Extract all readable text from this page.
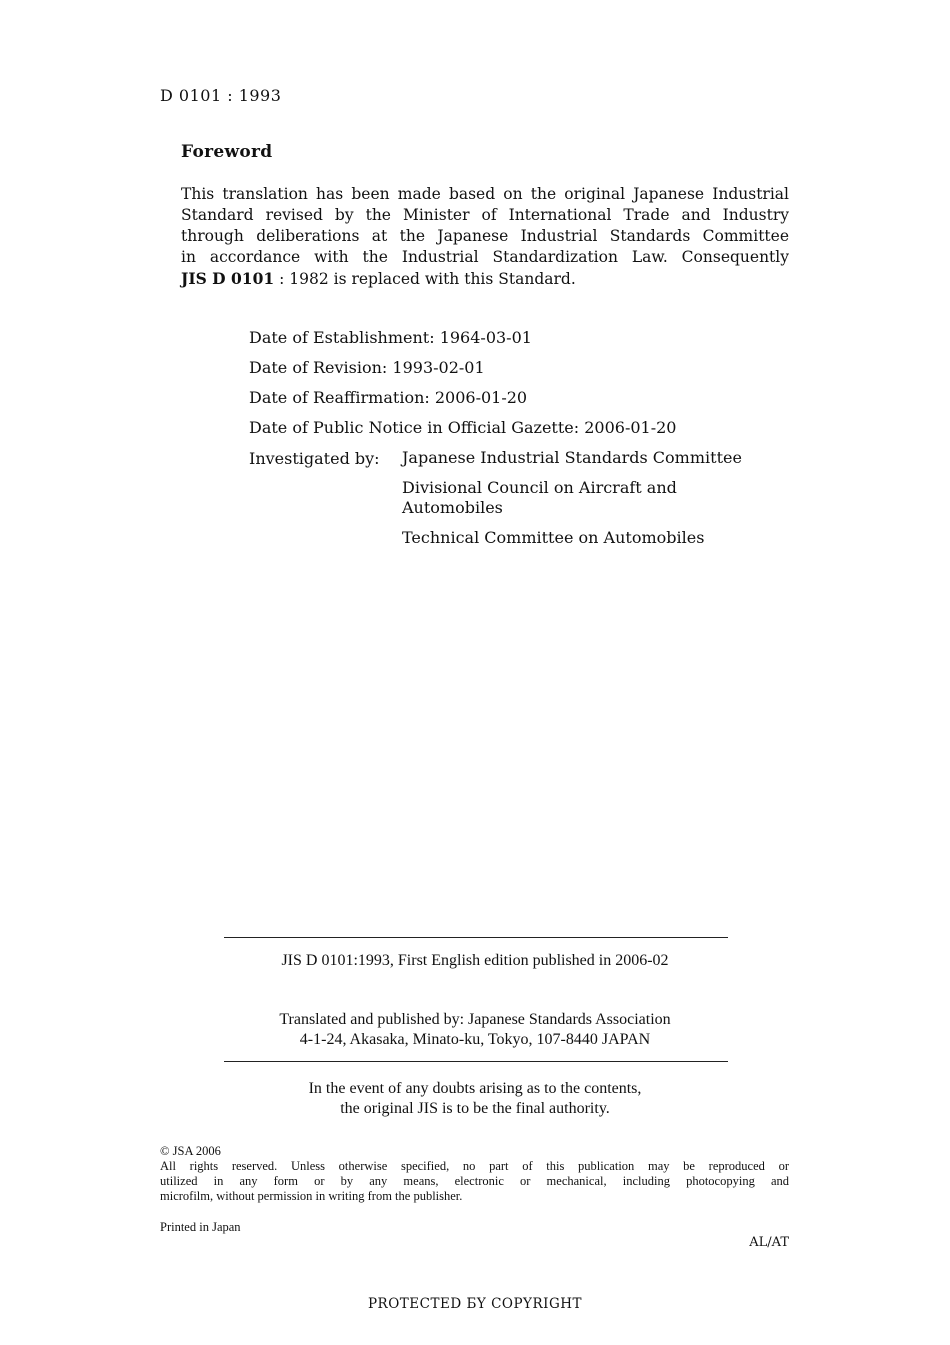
D 0101 : 1993
Foreword
This translation has been made based on the original Japanese Industrial
Standard revised by the Minister of International Trade and Industry
through deliberations at the Japanese Industrial Standards Committee
in accordance with the Industrial Standardization Law. Consequently
JIS D 0101 : 1982 is replaced with this Standard.
Date of Establishment: 1964-03-01
Date of Revision: 1993-02-01
Date of Reaffirmation: 2006-01-20
Date of Public Notice in Official Gazette: 2006-01-20
Investigated by: Japanese Industrial Standards Committee
Divisional Council on Aircraft and
Automobiles
Technical Committee on Automobiles
JIS D 0101:1993, First English edition published in 2006-02
Translated and published by: Japanese Standards Association
4-1-24, Akasaka, Minato-ku, Tokyo, 107-8440 JAPAN
In the event of any doubts arising as to the contents,
the original JIS is to be the final authority.
© JSA 2006
All rights reserved. Unless otherwise specified, no part of this publication may be reproduced or
utilized in any form or by any means, electronic or mechanical, including photocopying and
microfilm, without permission in writing from the publisher.
Printed in Japan
AL/AT
PROTECTED БY COPYRIGHT
